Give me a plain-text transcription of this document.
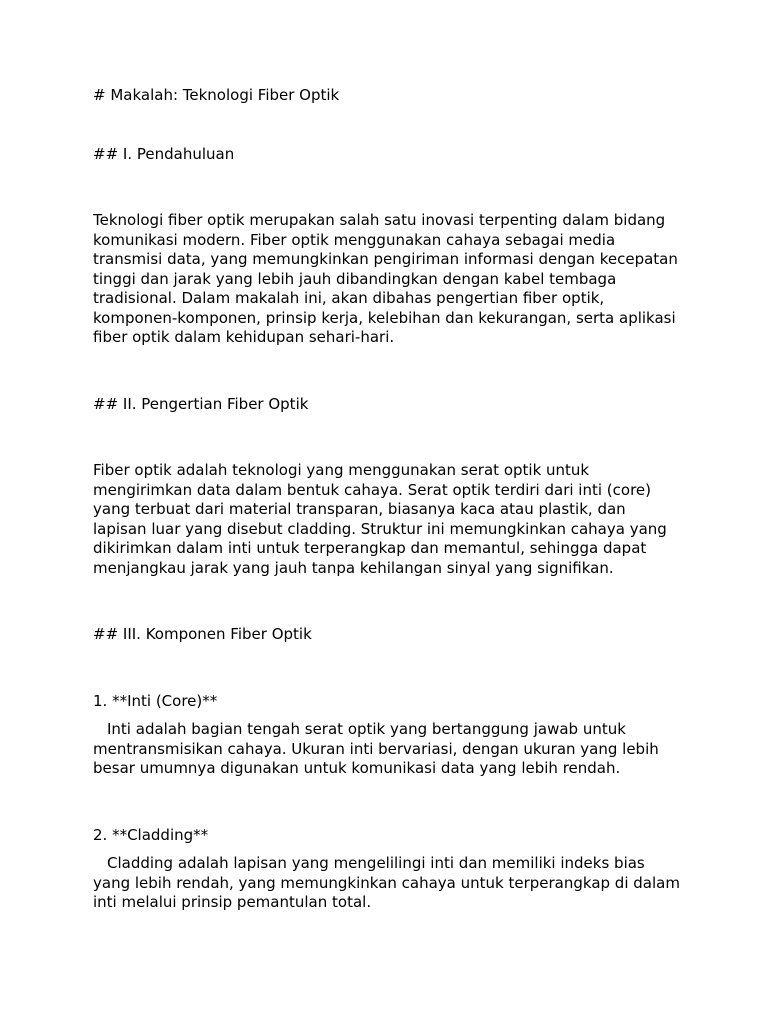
# Makalah: Teknologi Fiber Optik

## I. Pendahuluan

Teknologi fiber optik merupakan salah satu inovasi terpenting dalam bidang komunikasi modern. Fiber optik menggunakan cahaya sebagai media transmisi data, yang memungkinkan pengiriman informasi dengan kecepatan tinggi dan jarak yang lebih jauh dibandingkan dengan kabel tembaga tradisional. Dalam makalah ini, akan dibahas pengertian fiber optik, komponen-komponen, prinsip kerja, kelebihan dan kekurangan, serta aplikasi fiber optik dalam kehidupan sehari-hari.

## II. Pengertian Fiber Optik

Fiber optik adalah teknologi yang menggunakan serat optik untuk mengirimkan data dalam bentuk cahaya. Serat optik terdiri dari inti (core) yang terbuat dari material transparan, biasanya kaca atau plastik, dan lapisan luar yang disebut cladding. Struktur ini memungkinkan cahaya yang dikirimkan dalam inti untuk terperangkap dan memantul, sehingga dapat menjangkau jarak yang jauh tanpa kehilangan sinyal yang signifikan.

## III. Komponen Fiber Optik

1. **Inti (Core)**

Inti adalah bagian tengah serat optik yang bertanggung jawab untuk mentransmisikan cahaya. Ukuran inti bervariasi, dengan ukuran yang lebih besar umumnya digunakan untuk komunikasi data yang lebih rendah.

2. **Cladding**

Cladding adalah lapisan yang mengelilingi inti dan memiliki indeks bias yang lebih rendah, yang memungkinkan cahaya untuk terperangkap di dalam inti melalui prinsip pemantulan total.
